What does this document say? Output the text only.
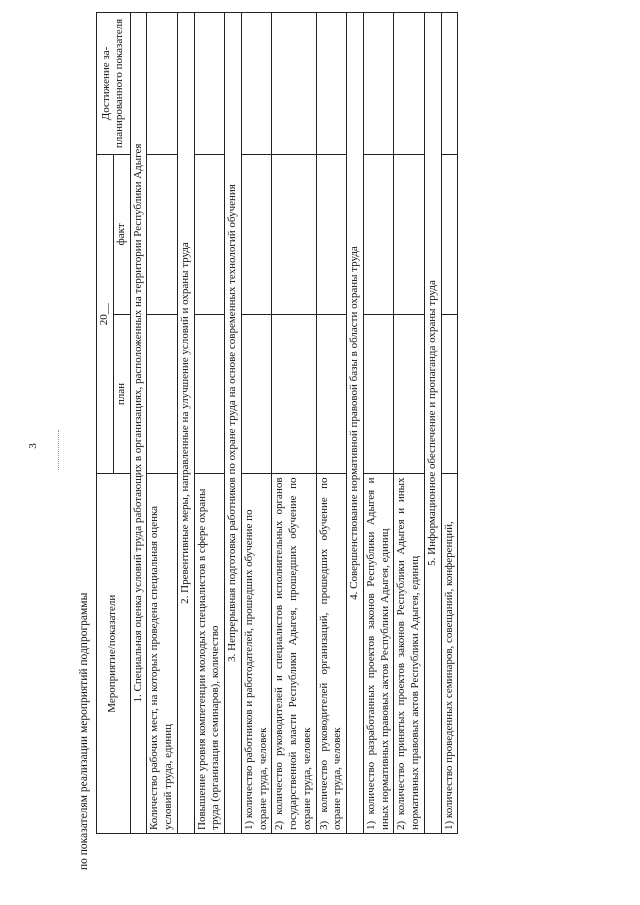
3
по показателям реализации мероприятий подпрограммы Мероприятие/показатели	20__		Достижение за-планированного показателя
	план	факт	
1. Специальная оценка условий труда работающих в организациях, расположенных на территории Республики Адыгея			
Количество рабочих мест, на которых проведена специальная оценка условий труда, единиц			
2. Превентивные меры, направленные на улучшение условий и охраны труда			
Повышение уровня компетенции молодых специалистов в сфере охраны труда (организация семинаров), количество			
3. Непрерывная подготовка работников по охране труда на основе современных технологий обучения			
1) количество работников и работодателей, прошедших обучение по охране труда, человек			
2) количество руководителей и специалистов исполнительных органов государственной власти Республики Адыгея, прошедших обучение по охране труда, человек			
3) количество руководителей организаций, прошедших обучение по охране труда, человек			
4. Совершенствование нормативной правовой базы в области охраны труда			
1) количество разработанных проектов законов Республики Адыгея и иных нормативных правовых актов Республики Адыгея, единиц			
2) количество принятых проектов законов Республики Адыгея и иных нормативных правовых актов Республики Адыгея, единиц			
5. Информационное обеспечение и пропаганда охраны труда			
1) количество проведенных семинаров, совещаний, конференций,			
